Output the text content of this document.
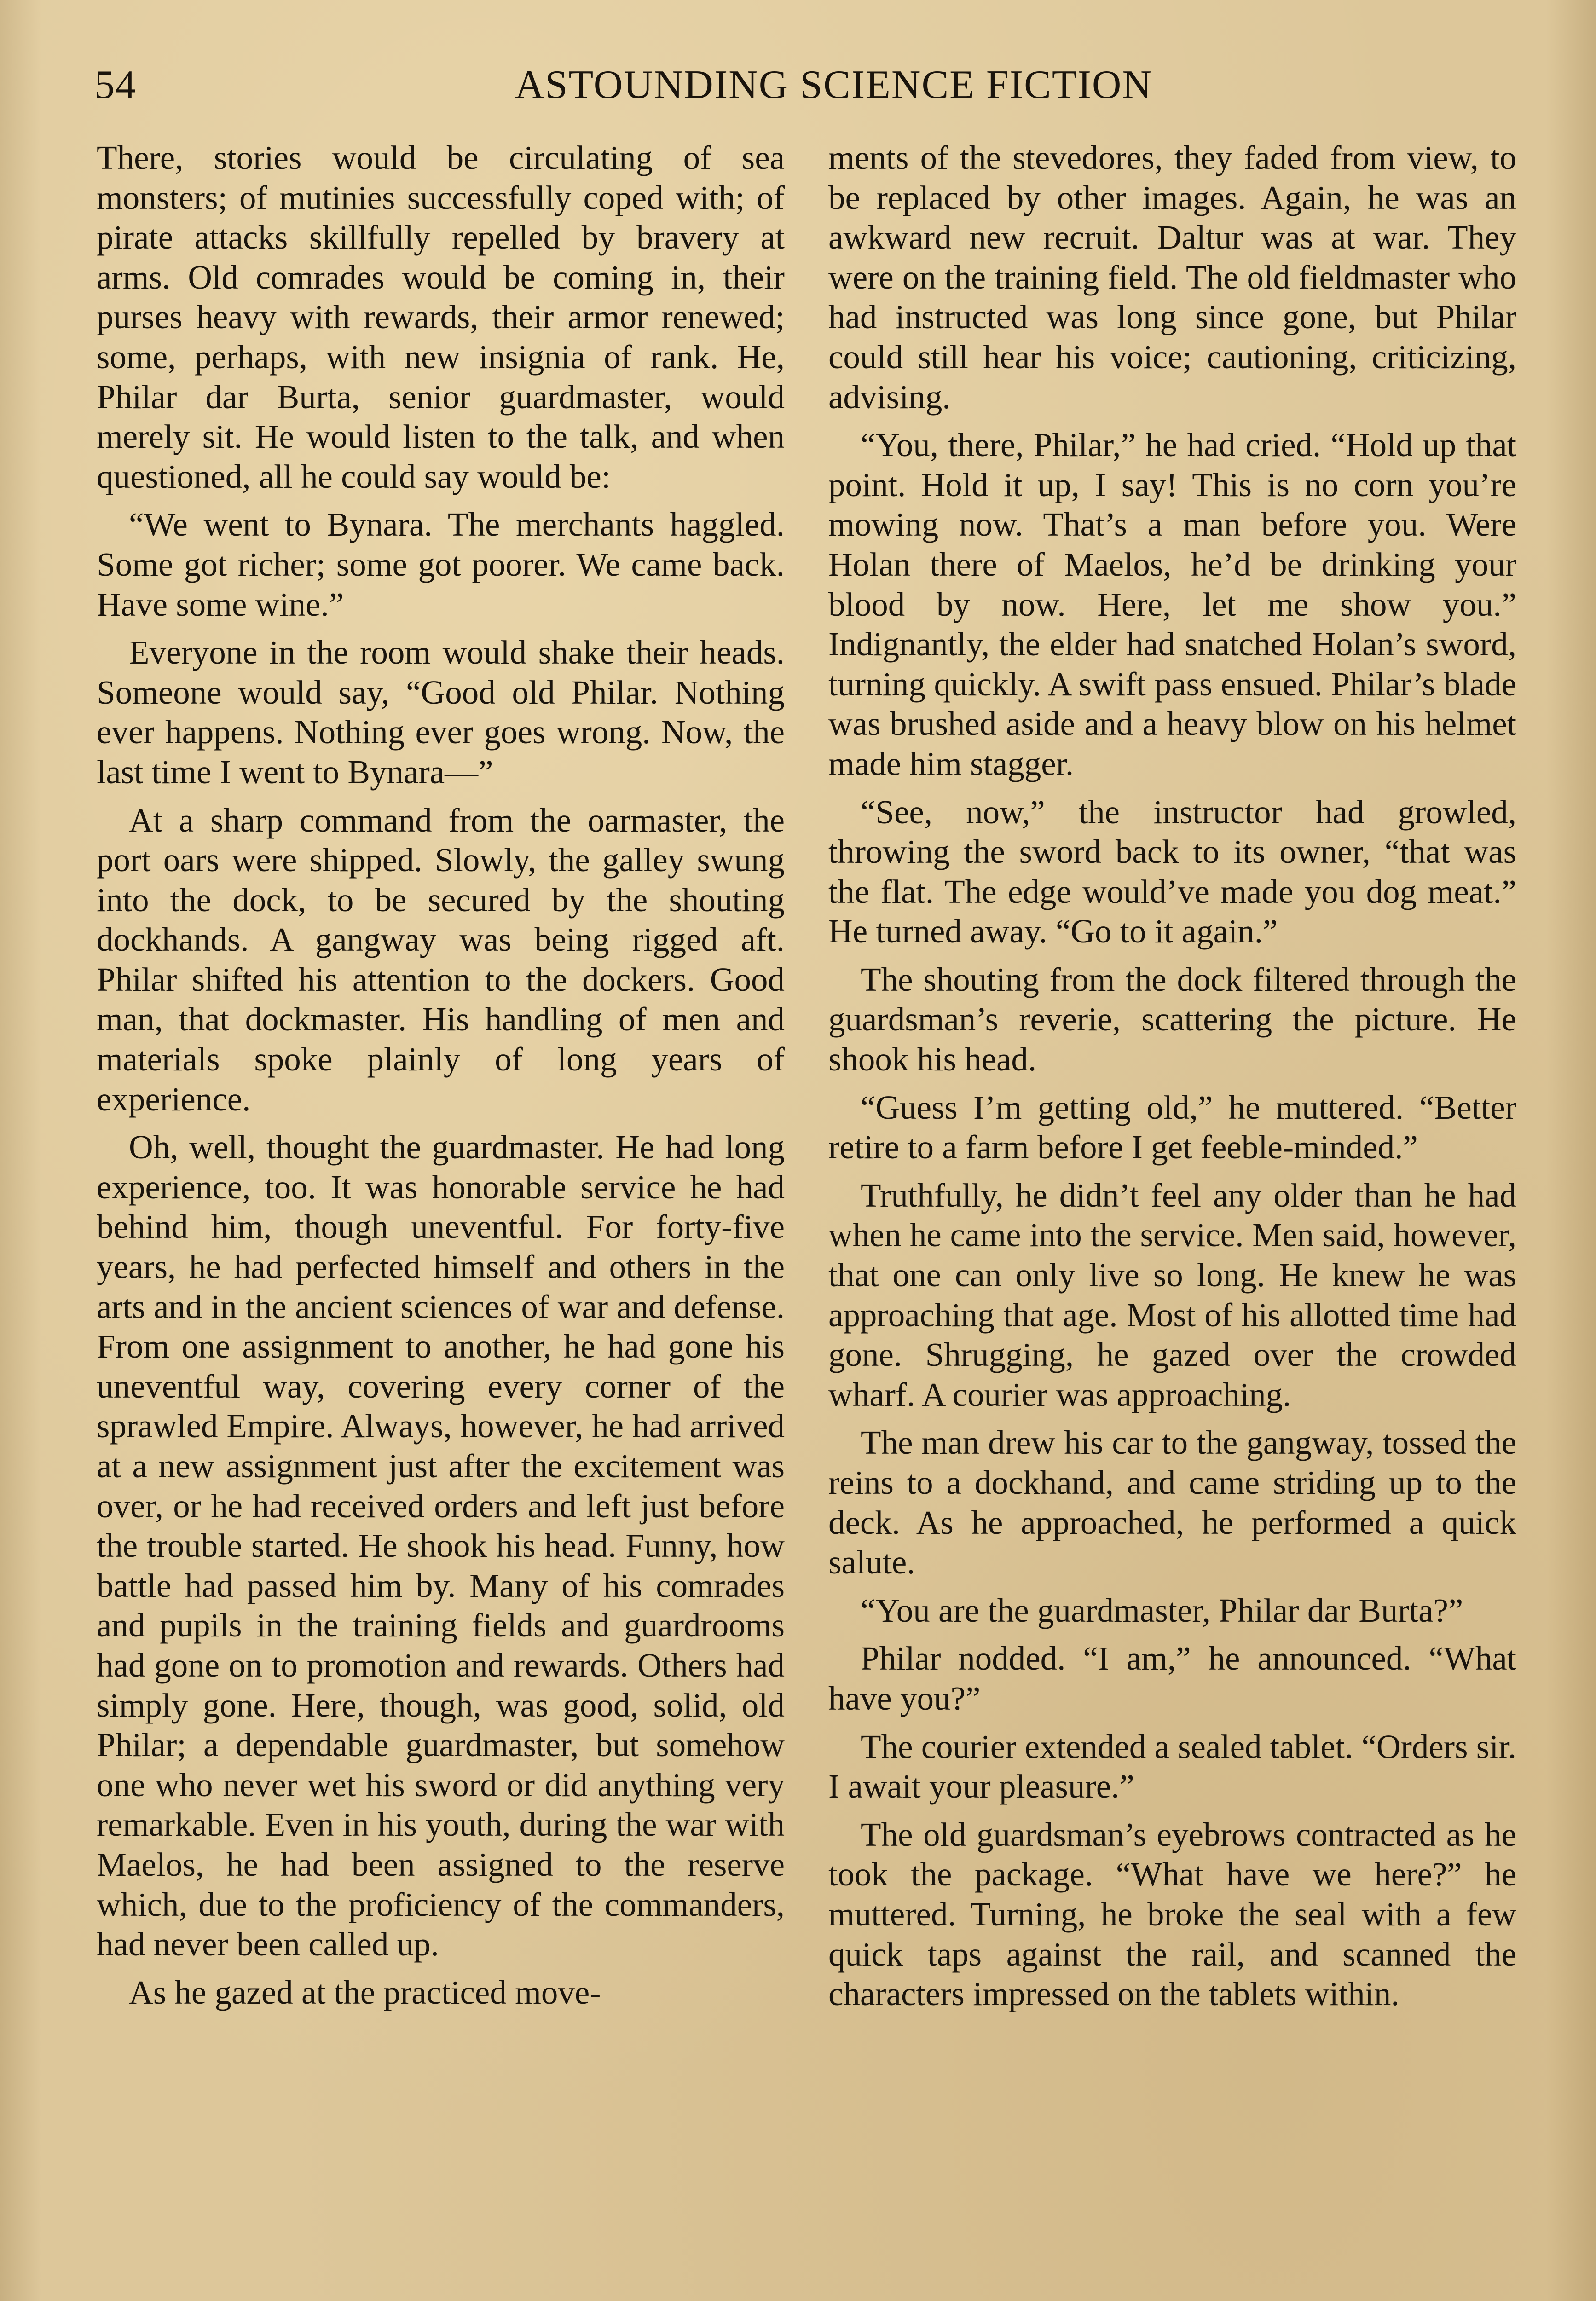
54	ASTOUNDING SCIENCE FICTION

There, stories would be circulating of sea monsters; of mutinies successfully coped with; of pirate attacks skillfully repelled by bravery at arms. Old comrades would be coming in, their purses heavy with rewards, their armor renewed; some, perhaps, with new insignia of rank. He, Philar dar Burta, senior guardmaster, would merely sit. He would listen to the talk, and when questioned, all he could say would be:

“We went to Bynara. The merchants haggled. Some got richer; some got poorer. We came back. Have some wine.”

Everyone in the room would shake their heads. Someone would say, “Good old Philar. Nothing ever happens. Nothing ever goes wrong. Now, the last time I went to Bynara—”

At a sharp command from the oarmaster, the port oars were shipped. Slowly, the galley swung into the dock, to be secured by the shouting dockhands. A gangway was being rigged aft. Philar shifted his attention to the dockers. Good man, that dockmaster. His handling of men and materials spoke plainly of long years of experience.

Oh, well, thought the guardmaster. He had long experience, too. It was honorable service he had behind him, though uneventful. For forty-five years, he had perfected himself and others in the arts and in the ancient sciences of war and defense. From one assignment to another, he had gone his uneventful way, covering every corner of the sprawled Empire. Always, however, he had arrived at a new assignment just after the excitement was over, or he had received orders and left just before the trouble started. He shook his head. Funny, how battle had passed him by. Many of his comrades and pupils in the training fields and guardrooms had gone on to promotion and rewards. Others had simply gone. Here, though, was good, solid, old Philar; a dependable guardmaster, but somehow one who never wet his sword or did anything very remarkable. Even in his youth, during the war with Maelos, he had been assigned to the reserve which, due to the proficiency of the commanders, had never been called up.

As he gazed at the practiced move-

ments of the stevedores, they faded from view, to be replaced by other images. Again, he was an awkward new recruit. Daltur was at war. They were on the training field. The old fieldmaster who had instructed was long since gone, but Philar could still hear his voice; cautioning, criticizing, advising.

“You, there, Philar,” he had cried. “Hold up that point. Hold it up, I say! This is no corn you’re mowing now. That’s a man before you. Were Holan there of Maelos, he’d be drinking your blood by now. Here, let me show you.” Indignantly, the elder had snatched Holan’s sword, turning quickly. A swift pass ensued. Philar’s blade was brushed aside and a heavy blow on his helmet made him stagger.

“See, now,” the instructor had growled, throwing the sword back to its owner, “that was the flat. The edge would’ve made you dog meat.” He turned away. “Go to it again.”

The shouting from the dock filtered through the guardsman’s reverie, scattering the picture. He shook his head.

“Guess I’m getting old,” he muttered. “Better retire to a farm before I get feeble-minded.”

Truthfully, he didn’t feel any older than he had when he came into the service. Men said, however, that one can only live so long. He knew he was approaching that age. Most of his allotted time had gone. Shrugging, he gazed over the crowded wharf. A courier was approaching.

The man drew his car to the gangway, tossed the reins to a dockhand, and came striding up to the deck. As he approached, he performed a quick salute.

“You are the guardmaster, Philar dar Burta?”

Philar nodded. “I am,” he announced. “What have you?”

The courier extended a sealed tablet. “Orders sir. I await your pleasure.”

The old guardsman’s eyebrows contracted as he took the package. “What have we here?” he muttered. Turning, he broke the seal with a few quick taps against the rail, and scanned the characters impressed on the tablets within.
